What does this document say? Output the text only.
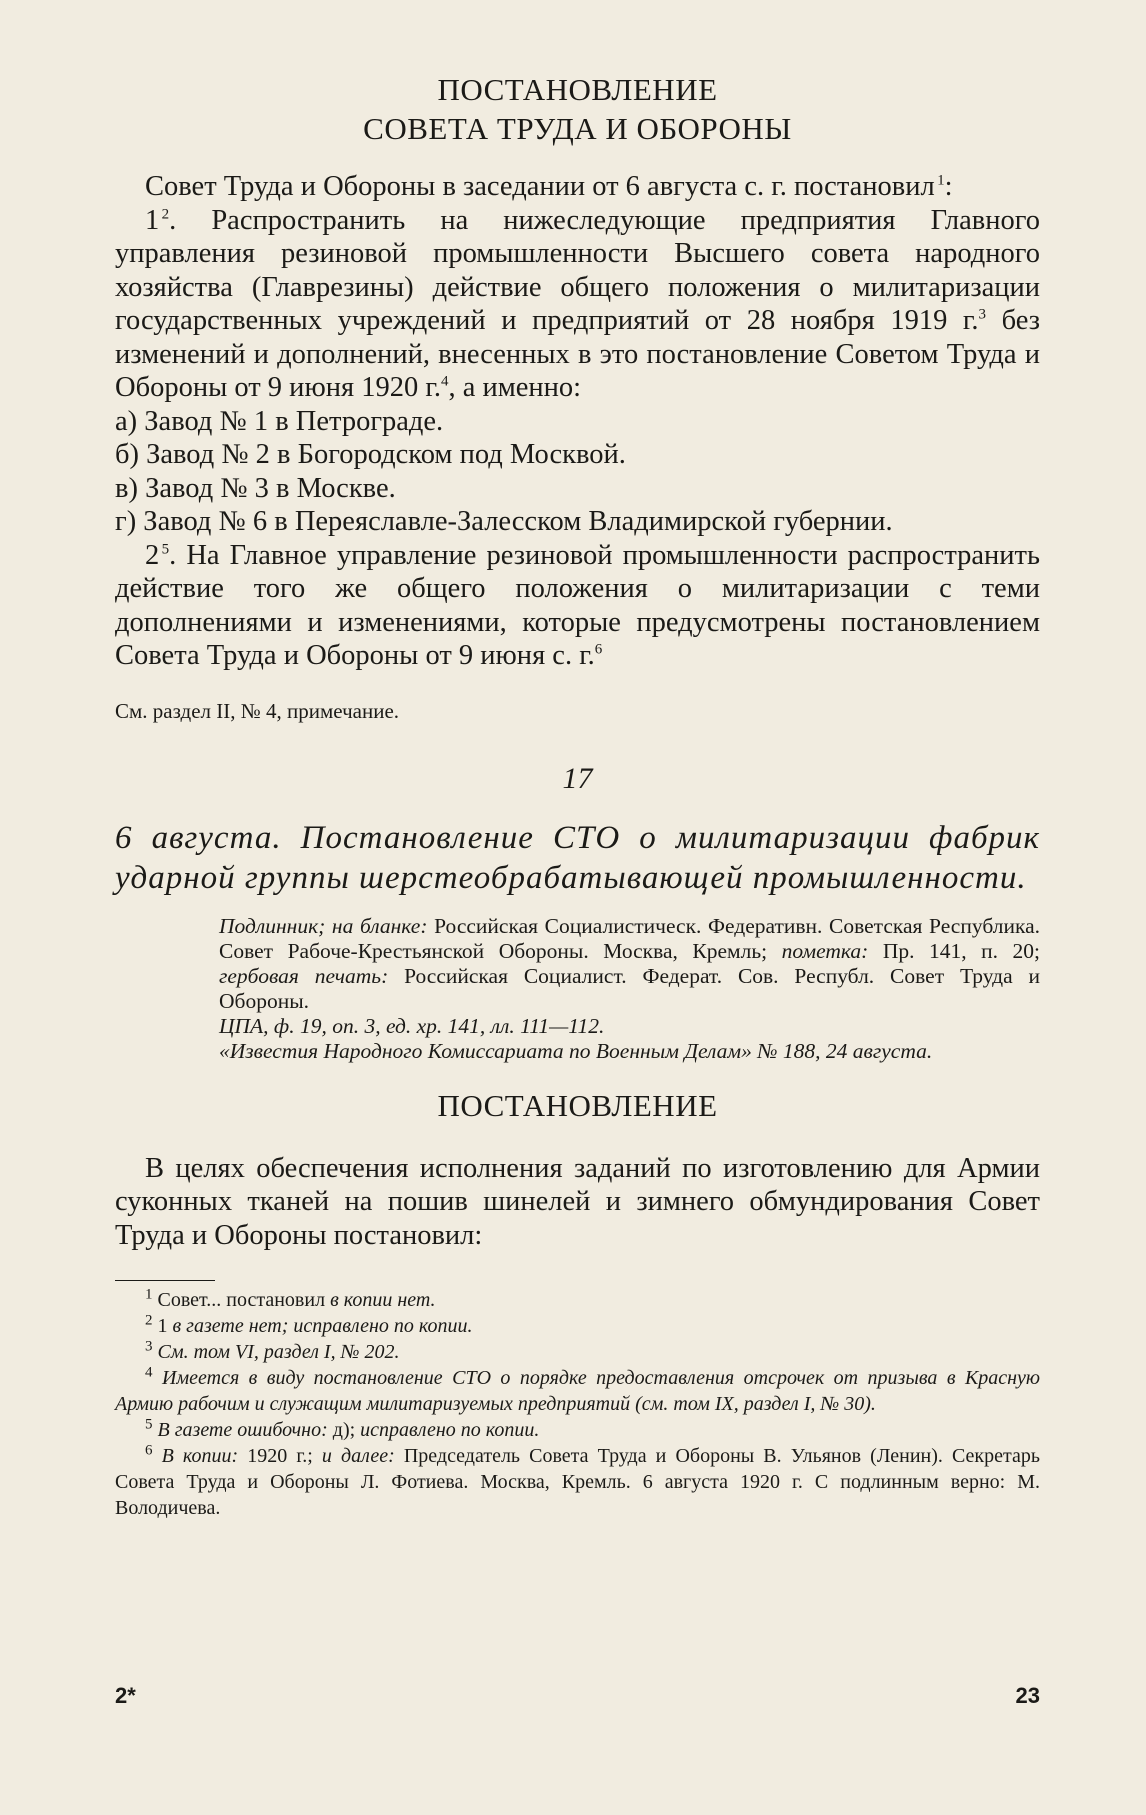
ПОСТАНОВЛЕНИЕ
СОВЕТА ТРУДА И ОБОРОНЫ

Совет Труда и Обороны в заседании от 6 августа с. г. постановил  $^1$:

1  $^2$. Распространить на нижеследующие предприятия Главного управления резиновой промышленности Высшего совета народного хозяйства (Главрезины) действие общего положения о милитаризации государственных учреждений и предприятий от 28 ноября 1919 г.$^3$ без изменений и дополнений, внесенных в это постановление Советом Труда и Обороны от 9 июня 1920 г.$^4$, а именно:

а) Завод № 1 в Петрограде.
б) Завод № 2 в Богородском под Москвой.
в) Завод № 3 в Москве.
г) Завод № 6 в Переяславле-Залесском Владимирской губернии.

2  $^5$. На Главное управление резиновой промышленности распространить действие того же общего положения о милитаризации с теми дополнениями и изменениями, которые предусмотрены постановлением Совета Труда и Обороны от 9 июня с. г.$^6$

См. раздел II, № 4, примечание.

17
6 августа. Постановление СТО о милитаризации фабрик ударной группы шерстеобрабатывающей промышленности.
Подлинник; на бланке: Российская Социалистическ. Федеративн. Советская Республика. Совет Рабоче-Крестьянской Обороны. Москва, Кремль; пометка: Пр. 141, п. 20; гербовая печать: Российская Социалист. Федерат. Сов. Республ. Совет Труда и Обороны.
ЦПА, ф. 19, оп. 3, ед. хр. 141, лл. 111—112.
«Известия Народного Комиссариата по Военным Делам» № 188, 24 августа.
ПОСТАНОВЛЕНИЕ

В целях обеспечения исполнения заданий по изготовлению для Армии суконных тканей на пошив шинелей и зимнего обмундирования Совет Труда и Обороны постановил:

$^1$ Совет... постановил в копии нет.

$^2$ 1 в газете нет; исправлено по копии.

$^3$ См. том VI, раздел I, № 202.

$^4$ Имеется в виду постановление СТО о порядке предоставления отсрочек от призыва в Красную Армию рабочим и служащим милитаризуемых предприятий (см. том IX, раздел I, № 30).

$^5$ В газете ошибочно: д); исправлено по копии.

$^6$ В копии: 1920 г.; и далее: Председатель Совета Труда и Обороны В. Ульянов (Ленин). Секретарь Совета Труда и Обороны Л. Фотиева. Москва, Кремль. 6 августа 1920 г. С подлинным верно: М. Володичева.

2*	23
